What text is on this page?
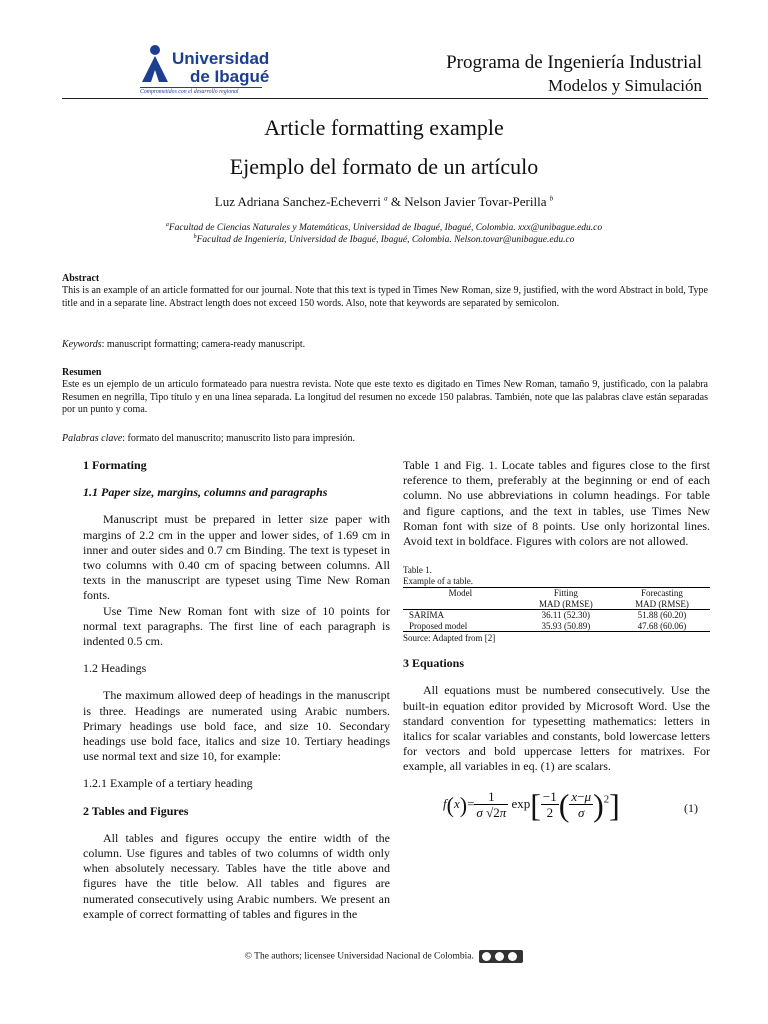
Universidad
de Ibagué
Comprometidos con el desarrollo regional
Programa de Ingeniería Industrial
Modelos y Simulación
Article formatting example
Ejemplo del formato de un artículo
Luz Adriana Sanchez-Echeverri $^a$ & Nelson Javier Tovar-Perilla $^b$
$^a$Facultad de Ciencias Naturales y Matemáticas, Universidad de Ibagué, Ibagué, Colombia. xxx@unibague.edu.co
$^b$Facultad de Ingeniería, Universidad de Ibagué, Ibagué, Colombia. Nelson.tovar@unibague.edu.co
Abstract
This is an example of an article formatted for our journal. Note that this text is typed in Times New Roman, size 9, justified, with the word Abstract in bold, Type title and in a separate line. Abstract length does not exceed 150 words. Also, note that keywords are separated by semicolon.
Keywords: manuscript formatting; camera-ready manuscript.
Resumen
Este es un ejemplo de un articulo formateado para nuestra revista. Note que este texto es digitado en Times New Roman, tamaño 9, justificado, con la palabra Resumen en negrilla, Tipo título y en una línea separada. La longitud del resumen no excede 150 palabras. También, note que las palabras clave están separadas por un punto y coma.
Palabras clave: formato del manuscrito; manuscrito listo para impresión.

1 Formating

1.1 Paper size, margins, columns and paragraphs

Manuscript must be prepared in letter size paper with margins of 2.2 cm in the upper and lower sides, of 1.69 cm in inner and outer sides and 0.7 cm Binding. The text is typeset in two columns with 0.40 cm of spacing between columns. All texts in the manuscript are typeset using Time New Roman fonts.

Use Time New Roman font with size of 10 points for normal text paragraphs. The first line of each paragraph is indented 0.5 cm.

1.2 Headings

The maximum allowed deep of headings in the manuscript is three. Headings are numerated using Arabic numbers. Primary headings use bold face, and size 10. Secondary headings use bold face, italics and size 10. Tertiary headings use normal text and size 10, for example:

1.2.1 Example of a tertiary heading

2 Tables and Figures

All tables and figures occupy the entire width of the column. Use figures and tables of two columns of width only when absolutely necessary. Tables have the title above and figures have the title below. All tables and figures are numerated consecutively using Arabic numbers. We present an example of correct formatting of tables and figures in the

Table 1 and Fig. 1. Locate tables and figures close to the first reference to them, preferably at the beginning or end of each column. No use abbreviations in column headings. For table and figure captions, and the text in tables, use Times New Roman font with size of 8 points. Use only horizontal lines. Avoid text in boldface. Figures with colors are not allowed.

Table 1.
Example of a table.
Model	Fitting	Forecasting
	MAD (RMSE)	MAD (RMSE)
SARIMA	36.11 (52.30)	51.88 (60.20)
Proposed model	35.93 (50.89)	47.68 (60.06)
Source: Adapted from [2]

3 Equations

All equations must be numbered consecutively. Use the built-in equation editor provided by Microsoft Word. Use the standard convention for typesetting mathematics: letters in italics for scalar variables and constants, bold lowercase letters for vectors and bold uppercase letters for matrixes. For example, all variables in eq. (1) are scalars.

$f(x)= \frac{1}{\sigma √2\pi} \exp[ \frac{-1}{2}$ ( $\frac{x-\mu}{\sigma} )^2$]	(1)
© The authors; licensee Universidad Nacional de Colombia.
